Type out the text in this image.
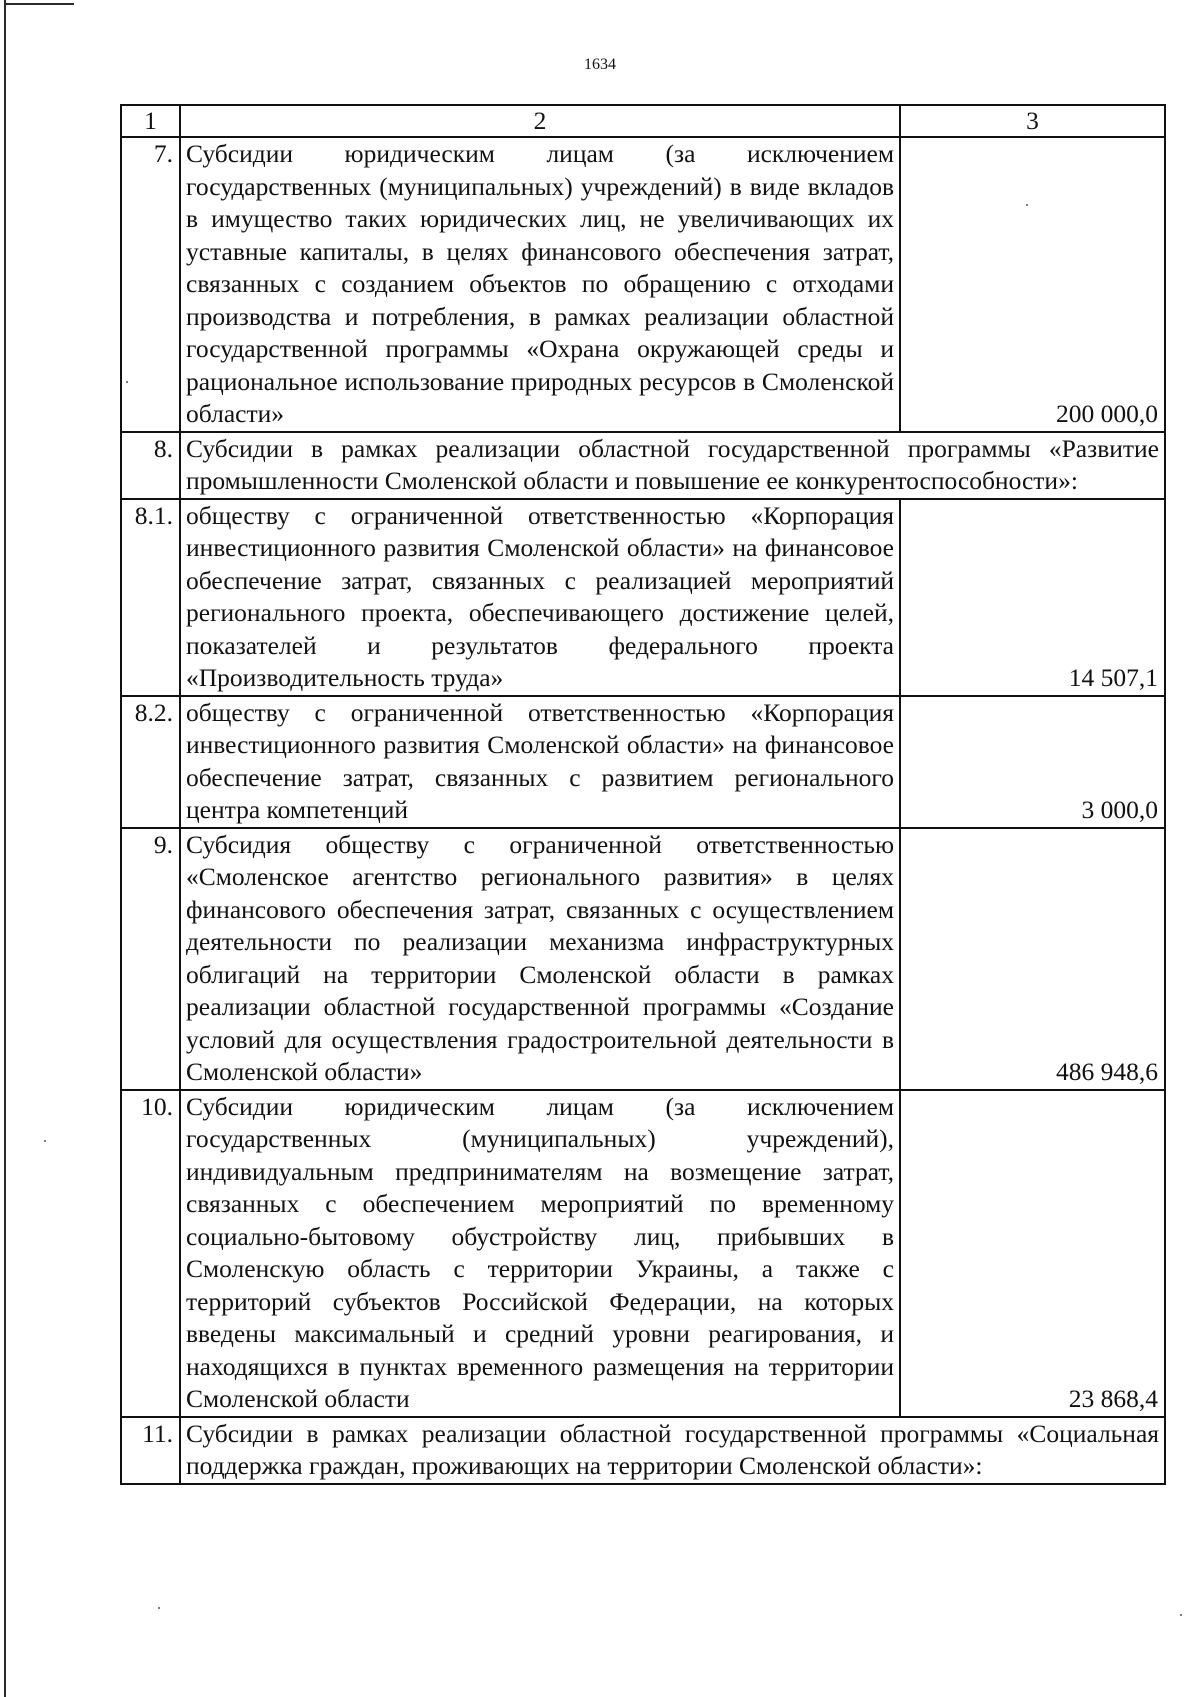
1634
1	2	3
7.	Субсидии юридическим лицам (за исключением государственных (муниципальных) учреждений) в виде вкладов в имущество таких юридических лиц, не увеличивающих их уставные капиталы, в целях финансового обеспечения затрат, связанных с созданием объектов по обращению с отходами производства и потребления, в рамках реализации областной государственной программы «Охрана окружающей среды и рациональное использование природных ресурсов в Смоленской области»	200 000,0
8.	Субсидии в рамках реализации областной государственной программы «Развитие промышленности Смоленской области и повышение ее конкурентоспособности»:	
8.1.	обществу с ограниченной ответственностью «Корпорация инвестиционного развития Смоленской области» на финансовое обеспечение затрат, связанных с реализацией мероприятий регионального проекта, обеспечивающего достижение целей, показателей и результатов федерального проекта «Производительность труда»	14 507,1
8.2.	обществу с ограниченной ответственностью «Корпорация инвестиционного развития Смоленской области» на финансовое обеспечение затрат, связанных с развитием регионального центра компетенций	3 000,0
9.	Субсидия обществу с ограниченной ответственностью «Смоленское агентство регионального развития» в целях финансового обеспечения затрат, связанных с осуществлением деятельности по реализации механизма инфраструктурных облигаций на территории Смоленской области в рамках реализации областной государственной программы «Создание условий для осуществления градостроительной деятельности в Смоленской области»	486 948,6
10.	Субсидии юридическим лицам (за исключением государственных (муниципальных) учреждений), индивидуальным предпринимателям на возмещение затрат, связанных с обеспечением мероприятий по временному социально-бытовому обустройству лиц, прибывших в Смоленскую область с территории Украины, а также с территорий субъектов Российской Федерации, на которых введены максимальный и средний уровни реагирования, и находящихся в пунктах временного размещения на территории Смоленской области	23 868,4
11.	Субсидии в рамках реализации областной государственной программы «Социальная поддержка граждан, проживающих на территории Смоленской области»:	
